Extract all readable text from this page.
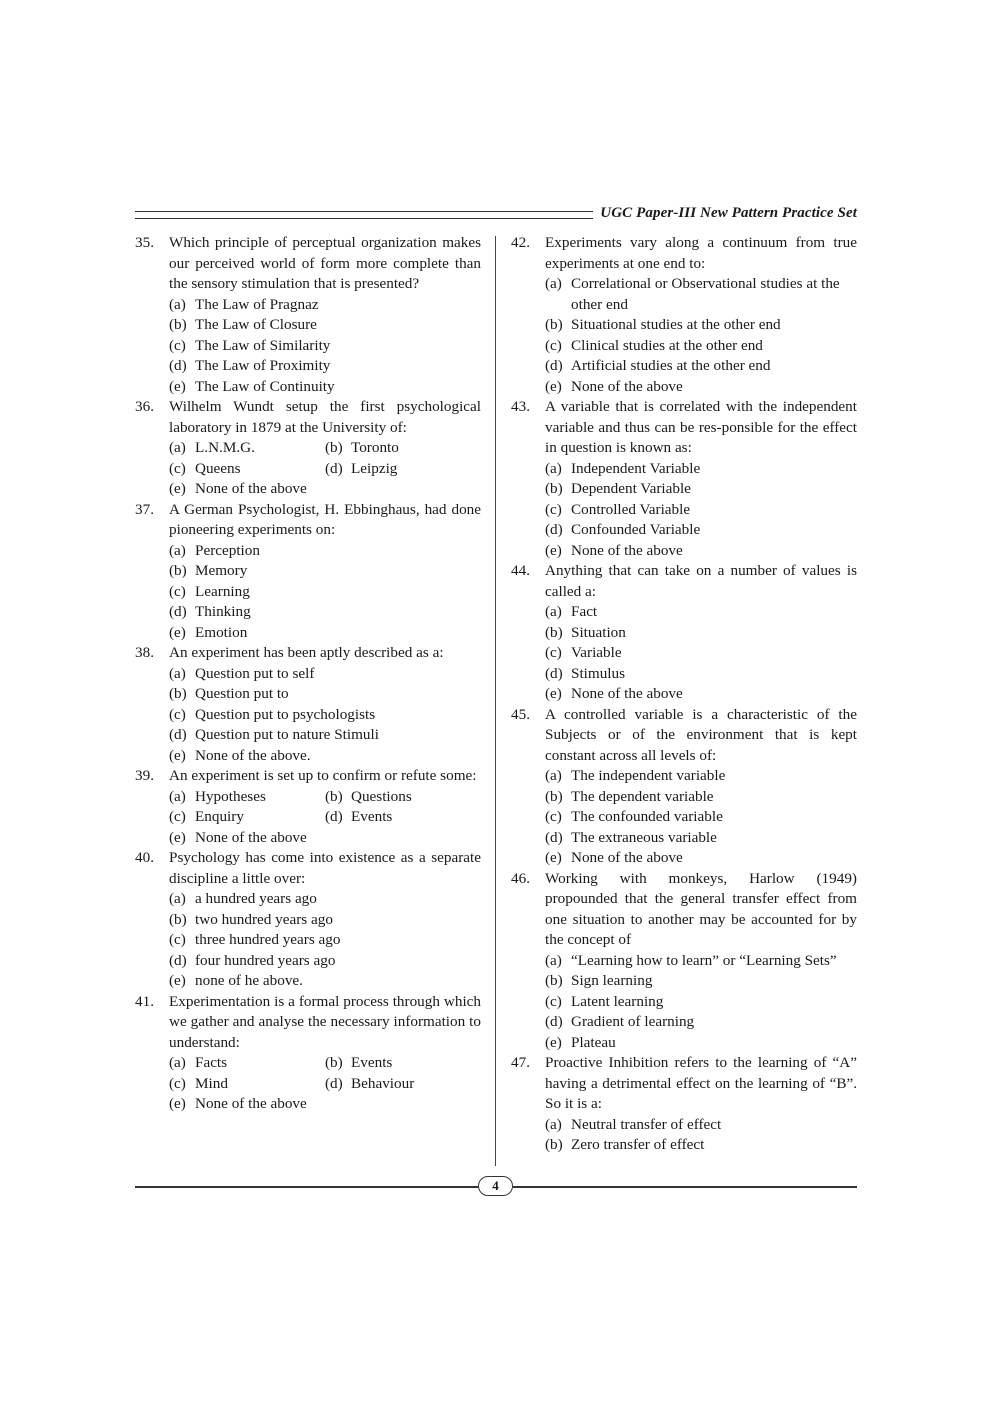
UGC Paper-III New Pattern Practice Set
35. Which principle of perceptual organization makes our perceived world of form more complete than the sensory stimulation that is presented?
(a) The Law of Pragnaz
(b) The Law of Closure
(c) The Law of Similarity
(d) The Law of Proximity
(e) The Law of Continuity
36. Wilhelm Wundt setup the first psychological laboratory in 1879 at the University of:
(a) L.N.M.G.	(b) Toronto
(c) Queens	(d) Leipzig
(e) None of the above
37. A German Psychologist, H. Ebbinghaus, had done pioneering experiments on:
(a) Perception
(b) Memory
(c) Learning
(d) Thinking
(e) Emotion
38. An experiment has been aptly described as a:
(a) Question put to self
(b) Question put to
(c) Question put to psychologists
(d) Question put to nature Stimuli
(e) None of the above.
39. An experiment is set up to confirm or refute some:
(a) Hypotheses	(b) Questions
(c) Enquiry	(d) Events
(e) None of the above
40. Psychology has come into existence as a separate discipline a little over:
(a) a hundred years ago
(b) two hundred years ago
(c) three hundred years ago
(d) four hundred years ago
(e) none of he above.
41. Experimentation is a formal process through which we gather and analyse the necessary information to understand:
(a) Facts	(b) Events
(c) Mind	(d) Behaviour
(e) None of the above
42. Experiments vary along a continuum from true experiments at one end to:
(a) Correlational or Observational studies at the other end
(b) Situational studies at the other end
(c) Clinical studies at the other end
(d) Artificial studies at the other end
(e) None of the above
43. A variable that is correlated with the independent variable and thus can be res-ponsible for the effect in question is known as:
(a) Independent Variable
(b) Dependent Variable
(c) Controlled Variable
(d) Confounded Variable
(e) None of the above
44. Anything that can take on a number of values is called a:
(a) Fact
(b) Situation
(c) Variable
(d) Stimulus
(e) None of the above
45. A controlled variable is a characteristic of the Subjects or of the environment that is kept constant across all levels of:
(a) The independent variable
(b) The dependent variable
(c) The confounded variable
(d) The extraneous variable
(e) None of the above
46. Working with monkeys, Harlow (1949) propounded that the general transfer effect from one situation to another may be accounted for by the concept of
(a) “Learning how to learn” or “Learning Sets”
(b) Sign learning
(c) Latent learning
(d) Gradient of learning
(e) Plateau
47. Proactive Inhibition refers to the learning of “A” having a detrimental effect on the learning of “B”. So it is a:
(a) Neutral transfer of effect
(b) Zero transfer of effect
4
